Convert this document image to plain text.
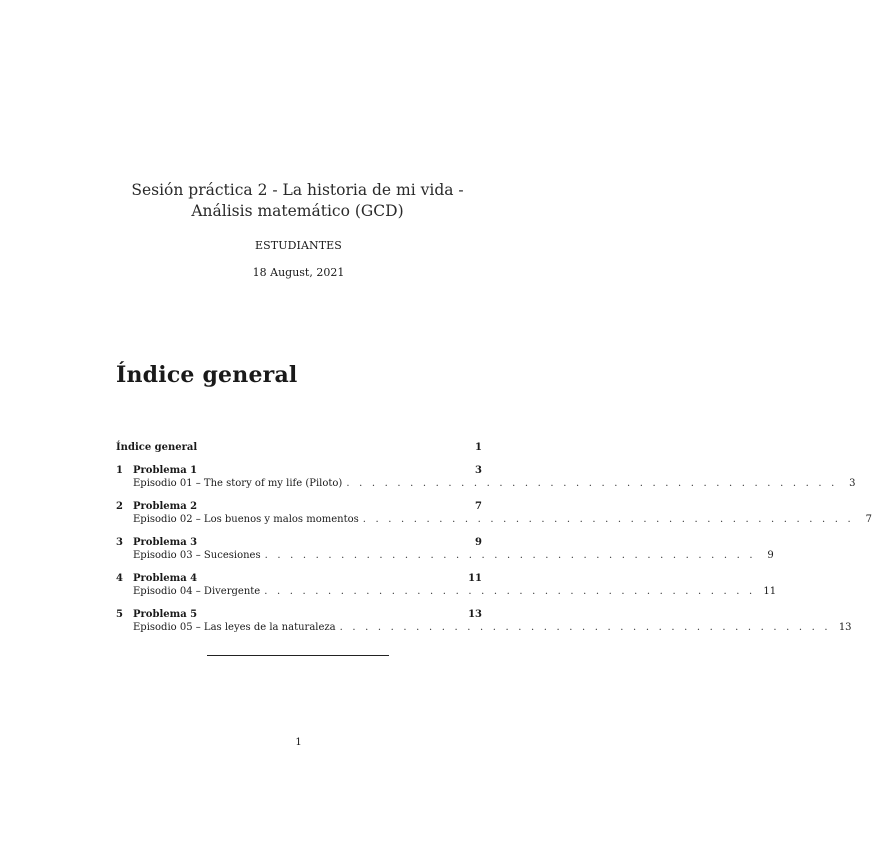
Sesión práctica 2 - La historia de mi vida - Análisis matemático (GCD)
ESTUDIANTES
18 August, 2021
Índice general
Índice general	1
1	Problema 1	3
Episodio 01 – The story of my life (Piloto) . . . . . . . . . . . . . . . . . . . . . . . . . . . . . . . . . . . . . . .	3
2	Problema 2	7
Episodio 02 – Los buenos y malos momentos . . . . . . . . . . . . . . . . . . . . . . . . . . . . . . . . . . . . . . .	7
3	Problema 3	9
Episodio 03 – Sucesiones . . . . . . . . . . . . . . . . . . . . . . . . . . . . . . . . . . . . . . .	9
4	Problema 4	11
Episodio 04 – Divergente . . . . . . . . . . . . . . . . . . . . . . . . . . . . . . . . . . . . . . . 11
5	Problema 5	13
Episodio 05 – Las leyes de la naturaleza . . . . . . . . . . . . . . . . . . . . . . . . . . . . . . . . . . . . . . . 13
1
